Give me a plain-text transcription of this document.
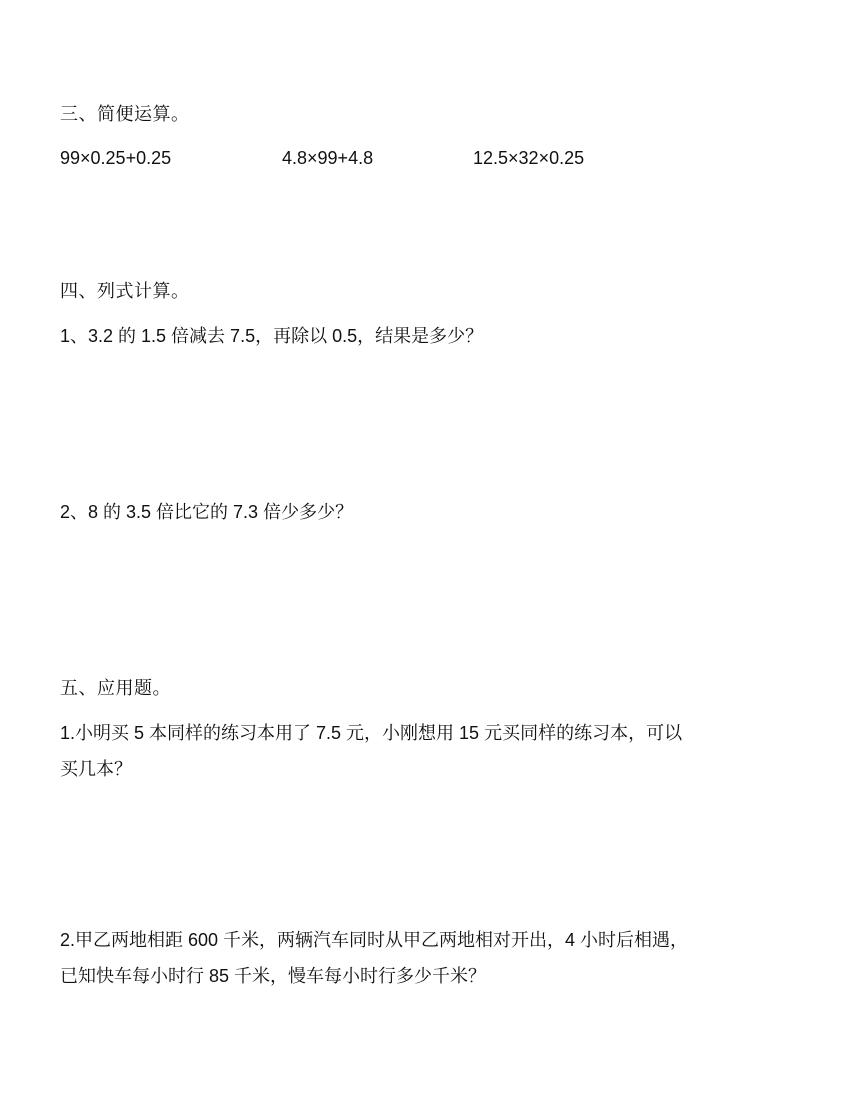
三、简便运算。
99×0.25+0.25	4.8×99+4.8	12.5×32×0.25
四、列式计算。
1、3.2 的 1.5 倍减去 7.5，再除以 0.5，结果是多少？
2、8 的 3.5 倍比它的 7.3 倍少多少？
五、应用题。
1.小明买 5 本同样的练习本用了 7.5 元，小刚想用 15 元买同样的练习本，可以
买几本？
2.甲乙两地相距 600 千米，两辆汽车同时从甲乙两地相对开出，4 小时后相遇，
已知快车每小时行 85 千米，慢车每小时行多少千米？
